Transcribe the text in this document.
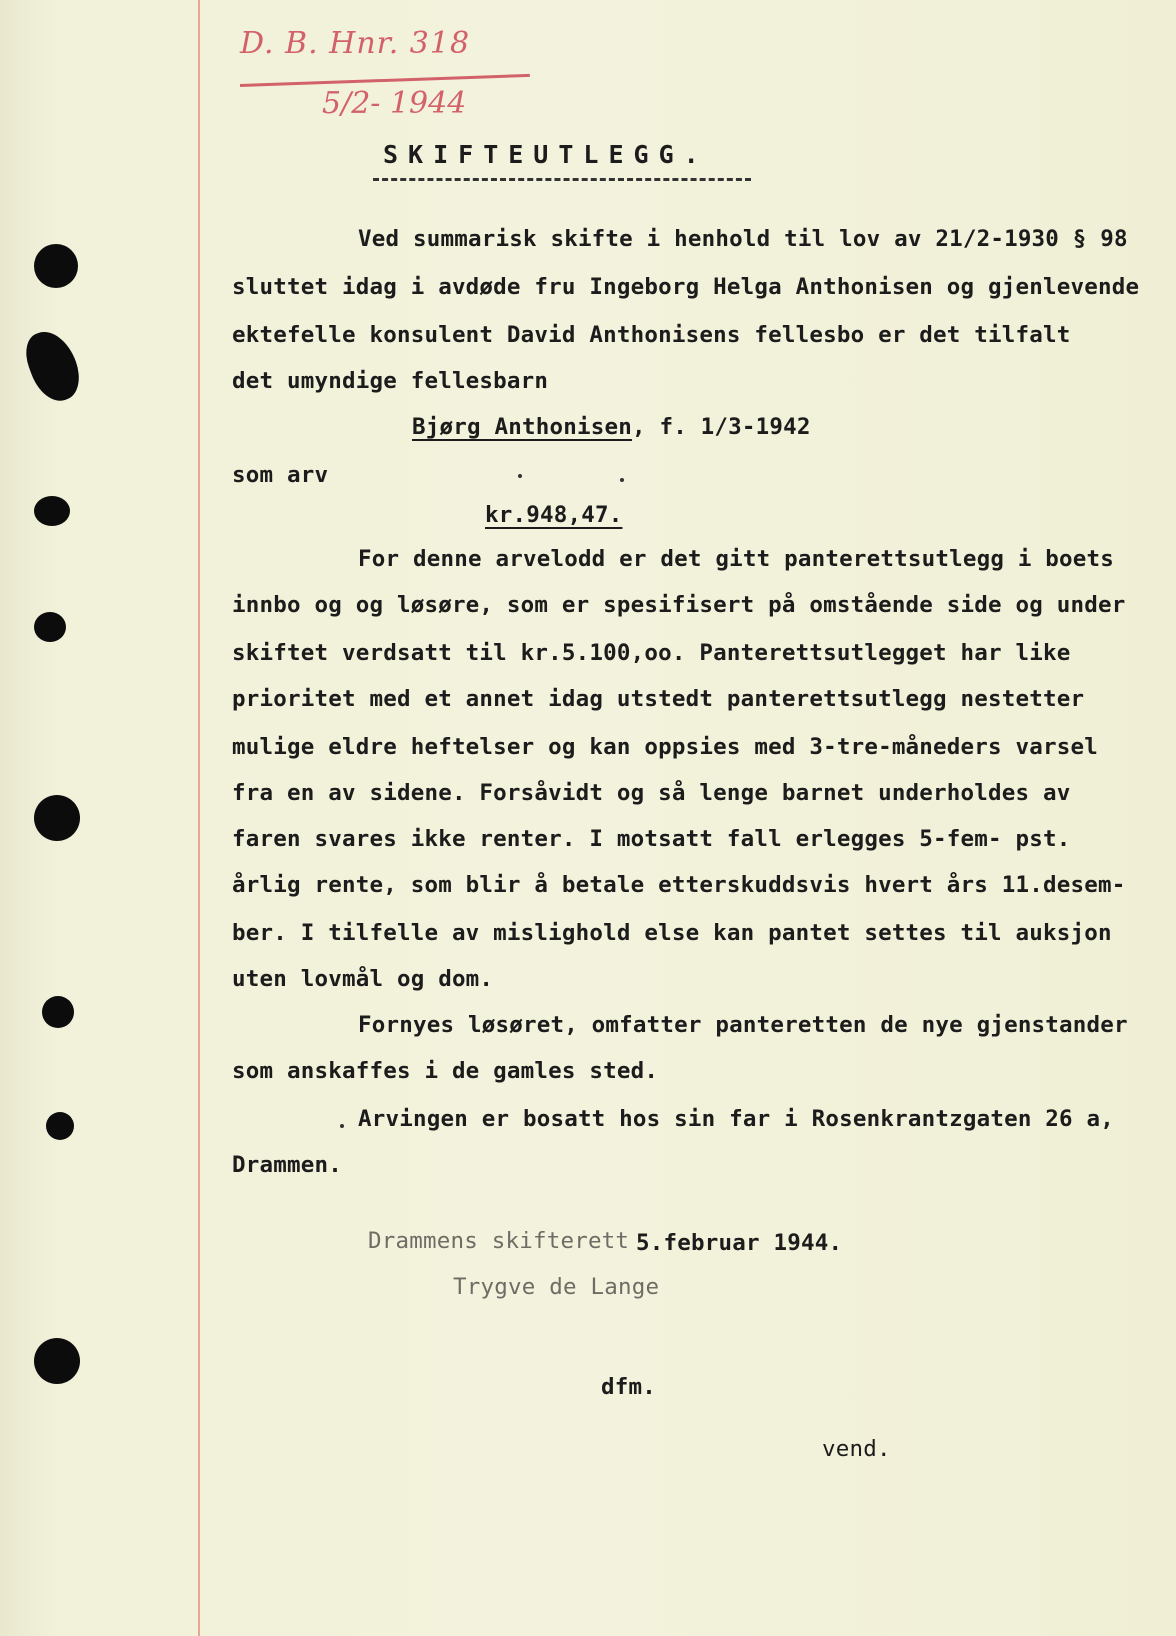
D. B. Hnr. 318
5/2- 1944
SKIFTEUTLEGG.
Ved summarisk skifte i henhold til lov av 21/2-1930 § 98
sluttet idag i avdøde fru Ingeborg Helga Anthonisen og gjenlevende
ektefelle konsulent David Anthonisens fellesbo er det tilfalt
det umyndige fellesbarn
Bjørg Anthonisen, f. 1/3-1942
som arv
kr.948,47.
For denne arvelodd er det gitt panterettsutlegg i boets
innbo og og løsøre, som er spesifisert på omstående side og under
skiftet verdsatt til kr.5.100,oo. Panterettsutlegget har like
prioritet med et annet idag utstedt panterettsutlegg nestetter
mulige eldre heftelser og kan oppsies med 3-tre-måneders varsel
fra en av sidene. Forsåvidt og så lenge barnet underholdes av
faren svares ikke renter. I motsatt fall erlegges 5-fem- pst.
årlig rente, som blir å betale etterskuddsvis hvert års 11.desem-
ber. I tilfelle av mislighold else kan pantet settes til auksjon
uten lovmål og dom.
Fornyes løsøret, omfatter panteretten de nye gjenstander
som anskaffes i de gamles sted.
Arvingen er bosatt hos sin far i Rosenkrantzgaten 26 a,
Drammen.
Drammens skifterett 5.februar 1944.
Trygve de Lange
dfm.
vend.
